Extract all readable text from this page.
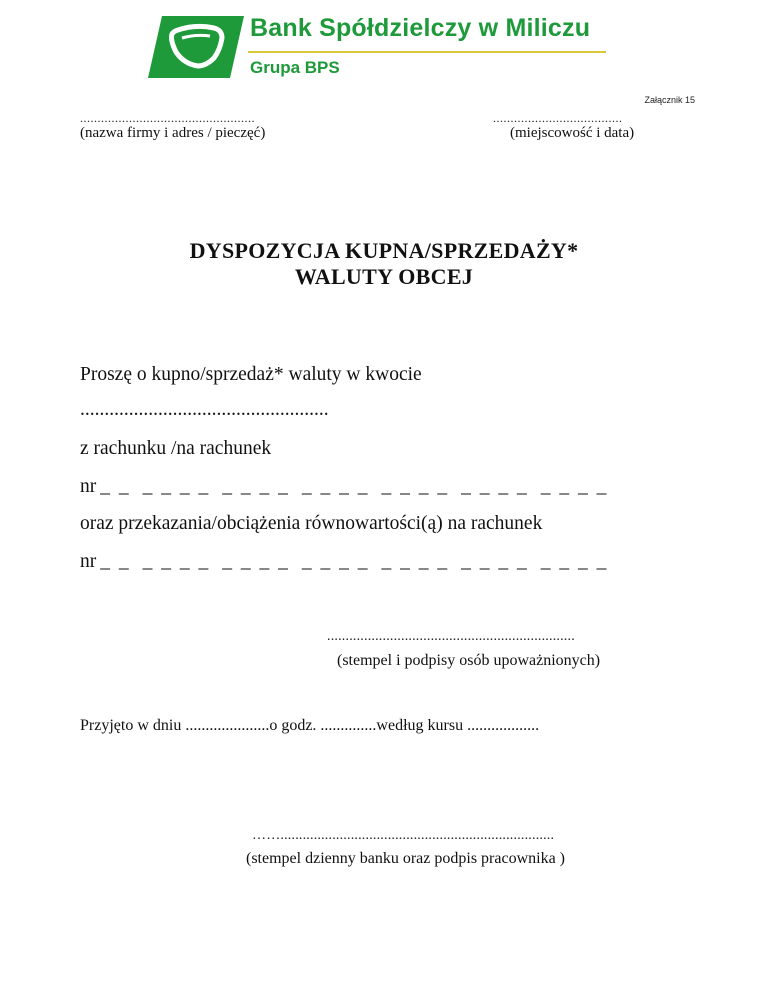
Bank Spółdzielczy w Miliczu
Grupa BPS
Załącznik 15
..................................................
(nazwa firmy i adres / pieczęć)
.....................................
(miejscowość i data)
DYSPOZYCJA KUPNA/SPRZEDAŻY*
WALUTY OBCEJ
Proszę o kupno/sprzedaż* waluty w kwocie
...................................................
z rachunku /na rachunek
nr _ _ _ _ _ _ _ _ _ _ _ _ _ _ _ _ _ _ _ _ _ _ _ _ _ _
oraz przekazania/obciążenia równowartości(ą) na rachunek
nr _ _ _ _ _ _ _ _ _ _ _ _ _ _ _ _ _ _ _ _ _ _ _ _ _ _
...................................................................
(stempel i podpisy osób upoważnionych)
Przyjęto w dniu .....................o godz. ..............według kursu ..................
……..........................................................................
(stempel dzienny banku oraz podpis pracownika )
